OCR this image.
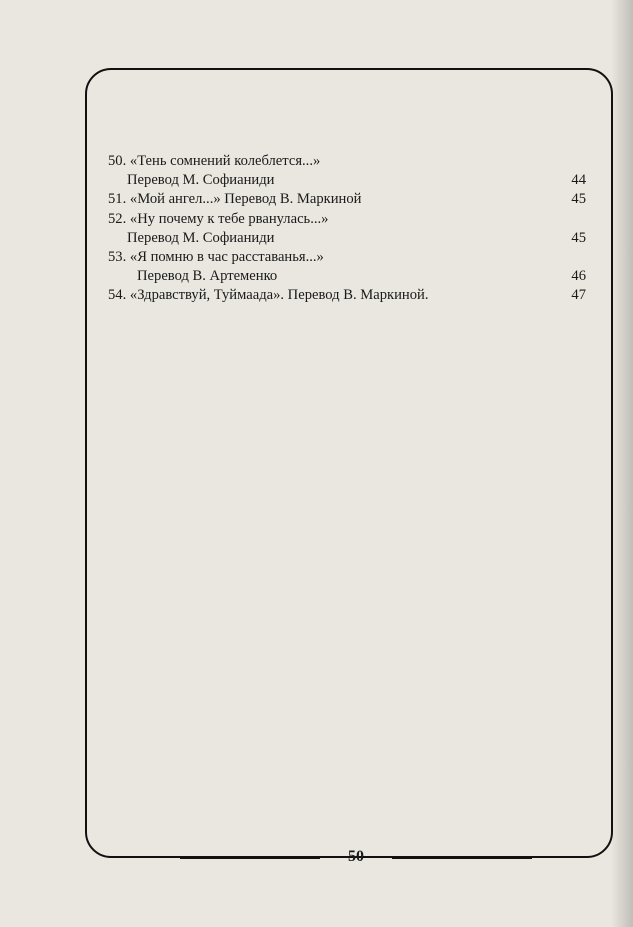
50. «Тень сомнений колеблется...»
Перевод М. Софианиди	44
51. «Мой ангел...» Перевод В. Маркиной	45
52. «Ну почему к тебе рванулась...»
Перевод М. Софианиди	45
53. «Я помню в час расставанья...»
Перевод В. Артеменко	46
54. «Здравствуй, Туймаада». Перевод В. Маркиной.	47
50
